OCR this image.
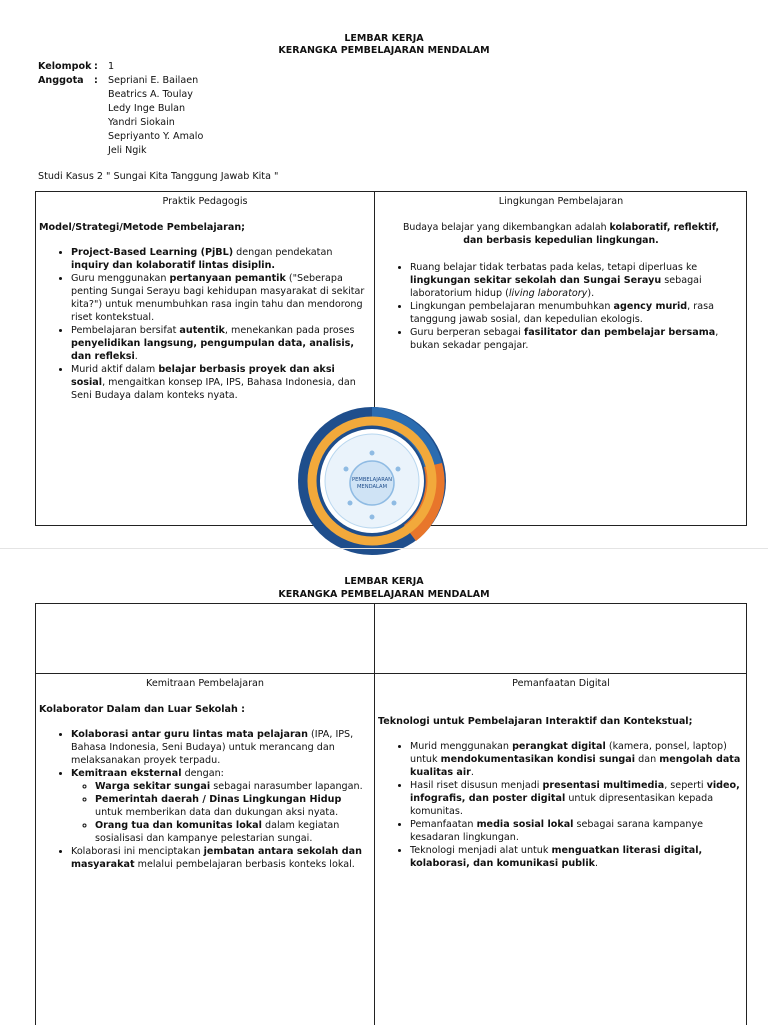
LEMBAR KERJA
KERANGKA PEMBELAJARAN MENDALAM
Kelompok :	1
Anggota	:	Sepriani E. Bailaen
Beatrics A. Toulay
Ledy Inge Bulan
Yandri Siokain
Sepriyanto Y. Amalo
Jeli Ngik
Studi Kasus 2 " Sungai Kita Tanggung Jawab Kita "
Praktik Pedagogis
Model/Strategi/Metode Pembelajaran;
• Project-Based Learning (PjBL) dengan pendekatan inquiry dan kolaboratif lintas disiplin.
• Guru menggunakan pertanyaan pemantik ("Seberapa penting Sungai Serayu bagi kehidupan masyarakat di sekitar kita?") untuk menumbuhkan rasa ingin tahu dan mendorong riset kontekstual.
• Pembelajaran bersifat autentik, menekankan pada proses penyelidikan langsung, pengumpulan data, analisis, dan refleksi.
• Murid aktif dalam belajar berbasis proyek dan aksi sosial, mengaitkan konsep IPA, IPS, Bahasa Indonesia, dan Seni Budaya dalam konteks nyata.
Lingkungan Pembelajaran
Budaya belajar yang dikembangkan adalah kolaboratif, reflektif, dan berbasis kepedulian lingkungan.
• Ruang belajar tidak terbatas pada kelas, tetapi diperluas ke lingkungan sekitar sekolah dan Sungai Serayu sebagai laboratorium hidup (living laboratory).
• Lingkungan pembelajaran menumbuhkan agency murid, rasa tanggung jawab sosial, dan kepedulian ekologis.
• Guru berperan sebagai fasilitator dan pembelajar bersama, bukan sekadar pengajar.
PEMBELAJARAN
MENDALAM
LEMBAR KERJA
KERANGKA PEMBELAJARAN MENDALAM
Kemitraan Pembelajaran
Kolaborator Dalam dan Luar Sekolah :
• Kolaborasi antar guru lintas mata pelajaran (IPA, IPS, Bahasa Indonesia, Seni Budaya) untuk merancang dan melaksanakan proyek terpadu.
• Kemitraan eksternal dengan:
◦ Warga sekitar sungai sebagai narasumber lapangan.
◦ Pemerintah daerah / Dinas Lingkungan Hidup untuk memberikan data dan dukungan aksi nyata.
◦ Orang tua dan komunitas lokal dalam kegiatan sosialisasi dan kampanye pelestarian sungai.
• Kolaborasi ini menciptakan jembatan antara sekolah dan masyarakat melalui pembelajaran berbasis konteks lokal.
Pemanfaatan Digital
Teknologi untuk Pembelajaran Interaktif dan Kontekstual;
• Murid menggunakan perangkat digital (kamera, ponsel, laptop) untuk mendokumentasikan kondisi sungai dan mengolah data kualitas air.
• Hasil riset disusun menjadi presentasi multimedia, seperti video, infografis, dan poster digital untuk dipresentasikan kepada komunitas.
• Pemanfaatan media sosial lokal sebagai sarana kampanye kesadaran lingkungan.
• Teknologi menjadi alat untuk menguatkan literasi digital, kolaborasi, dan komunikasi publik.
